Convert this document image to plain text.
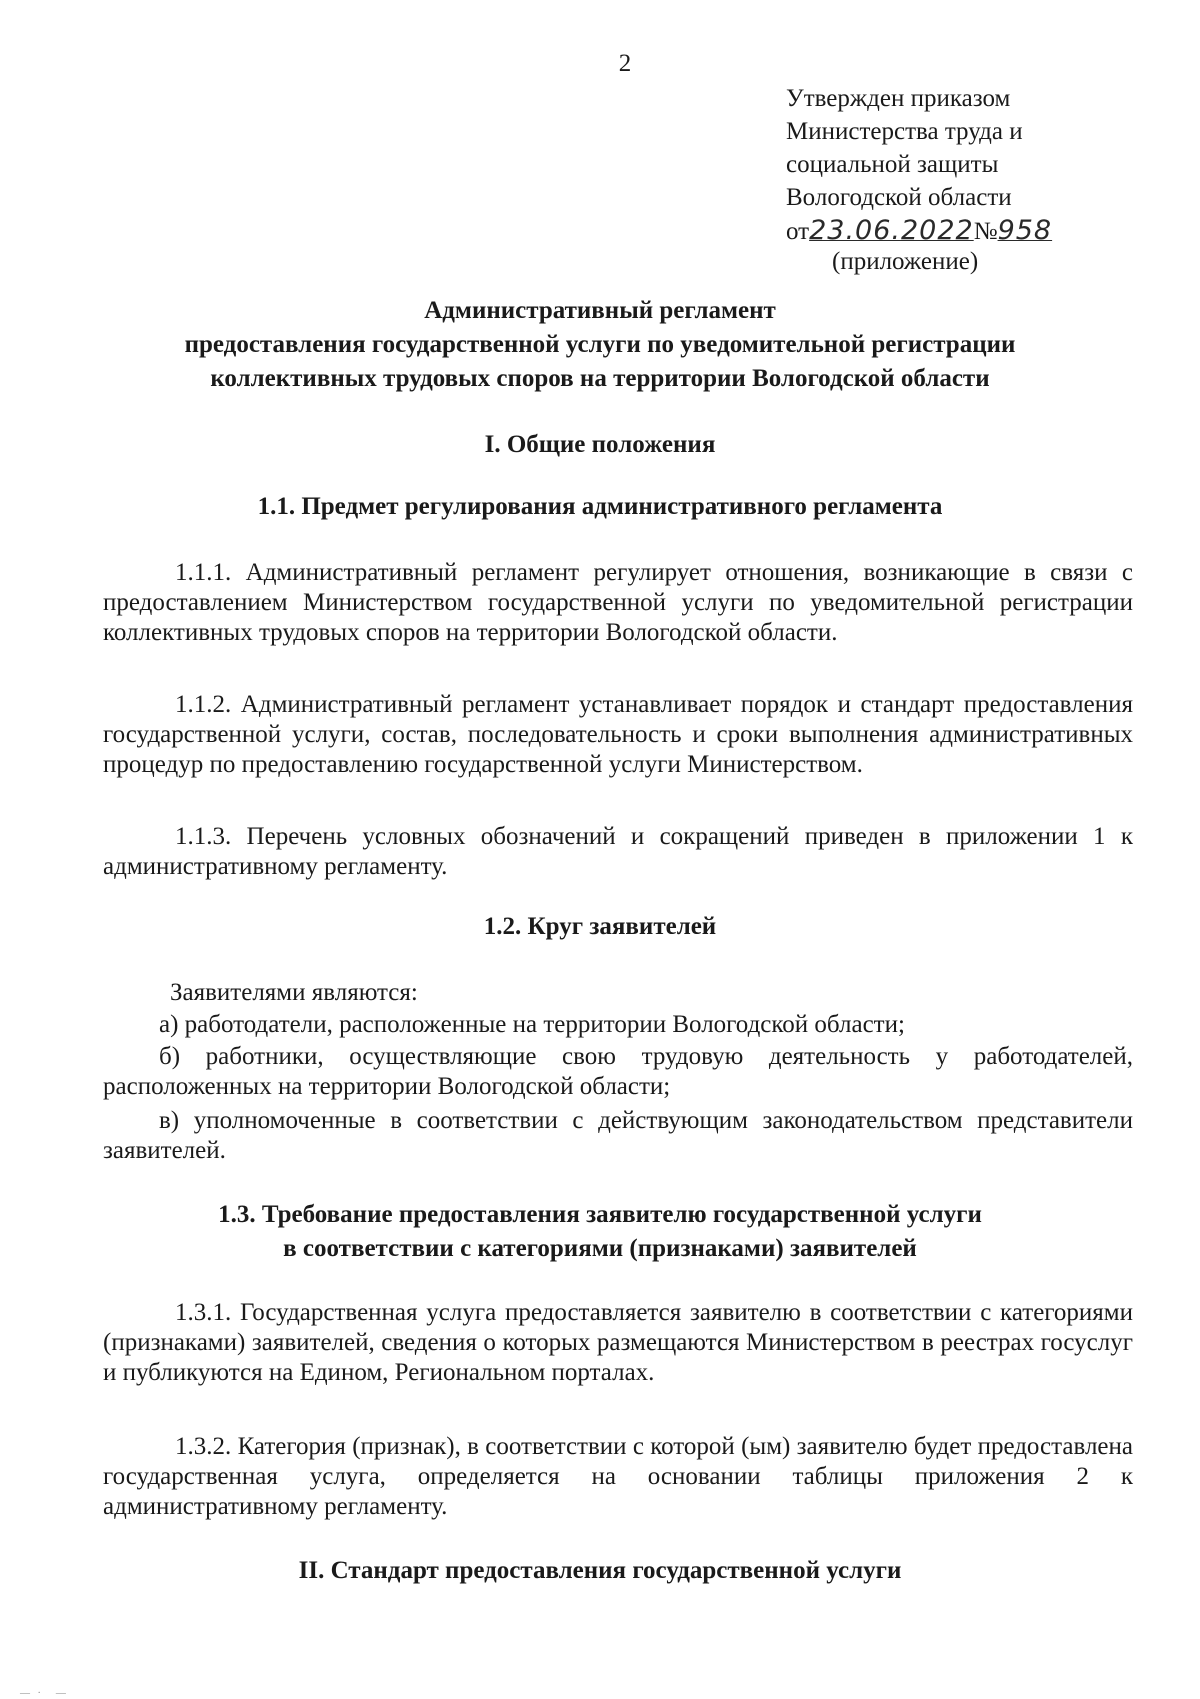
2
Утвержден приказом
Министерства труда и
социальной защиты
Вологодской области
от23.06.2022№958
(приложение)
Административный регламент
предоставления государственной услуги по уведомительной регистрации
коллективных трудовых споров на территории Вологодской области
I. Общие положения
1.1. Предмет регулирования административного регламента
1.1.1. Административный регламент регулирует отношения, возникающие в связи с предоставлением Министерством государственной услуги по уведомительной регистрации коллективных трудовых споров на территории Вологодской области.
1.1.2. Административный регламент устанавливает порядок и стандарт предоставления государственной услуги, состав, последовательность и сроки выполнения административных процедур по предоставлению государственной услуги Министерством.
1.1.3. Перечень условных обозначений и сокращений приведен в приложении 1 к административному регламенту.
1.2. Круг заявителей
Заявителями являются:
а) работодатели, расположенные на территории Вологодской области;
б) работники, осуществляющие свою трудовую деятельность у работодателей, расположенных на территории Вологодской области;
в) уполномоченные в соответствии с действующим законодательством представители заявителей.
1.3. Требование предоставления заявителю государственной услуги
в соответствии с категориями (признаками) заявителей
1.3.1. Государственная услуга предоставляется заявителю в соответствии с категориями (признаками) заявителей, сведения о которых размещаются Министерством в реестрах госуслуг и публикуются на Едином, Региональном порталах.
1.3.2. Категория (признак), в соответствии с которой (ым) заявителю будет предоставлена государственная услуга, определяется на основании таблицы приложения 2 к административному регламенту.
II. Стандарт предоставления государственной услуги
—   ·      —
